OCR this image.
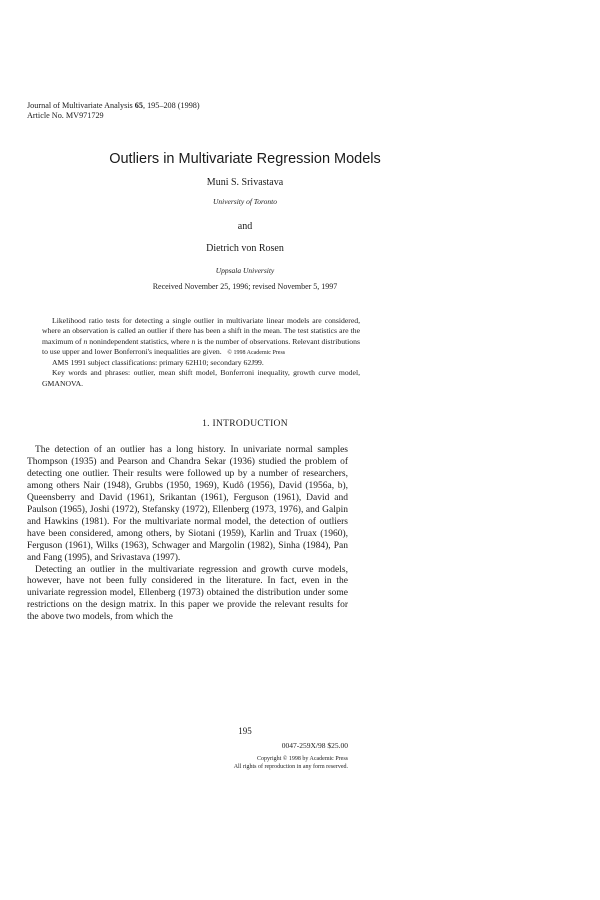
Journal of Multivariate Analysis 65, 195–208 (1998)
Article No. MV971729
Outliers in Multivariate Regression Models
Muni S. Srivastava
University of Toronto
and
Dietrich von Rosen
Uppsala University
Received November 25, 1996; revised November 5, 1997

Likelihood ratio tests for detecting a single outlier in multivariate linear models are considered, where an observation is called an outlier if there has been a shift in the mean. The test statistics are the maximum of n nonindependent statistics, where n is the number of observations. Relevant distributions to use upper and lower Bonferroni's inequalities are given. © 1998 Academic Press

AMS 1991 subject classifications: primary 62H10; secondary 62J99.

Key words and phrases: outlier, mean shift model, Bonferroni inequality, growth curve model, GMANOVA.

1. INTRODUCTION

The detection of an outlier has a long history. In univariate normal samples Thompson (1935) and Pearson and Chandra Sekar (1936) studied the problem of detecting one outlier. Their results were followed up by a number of researchers, among others Nair (1948), Grubbs (1950, 1969), Kudô (1956), David (1956a, b), Queensberry and David (1961), Srikantan (1961), Ferguson (1961), David and Paulson (1965), Joshi (1972), Stefansky (1972), Ellenberg (1973, 1976), and Galpin and Hawkins (1981). For the multivariate normal model, the detection of outliers have been considered, among others, by Siotani (1959), Karlin and Truax (1960), Ferguson (1961), Wilks (1963), Schwager and Margolin (1982), Sinha (1984), Pan and Fang (1995), and Srivastava (1997).

Detecting an outlier in the multivariate regression and growth curve models, however, have not been fully considered in the literature. In fact, even in the univariate regression model, Ellenberg (1973) obtained the distribution under some restrictions on the design matrix. In this paper we provide the relevant results for the above two models, from which the

195
0047-259X/98 $25.00
Copyright © 1998 by Academic Press
All rights of reproduction in any form reserved.
